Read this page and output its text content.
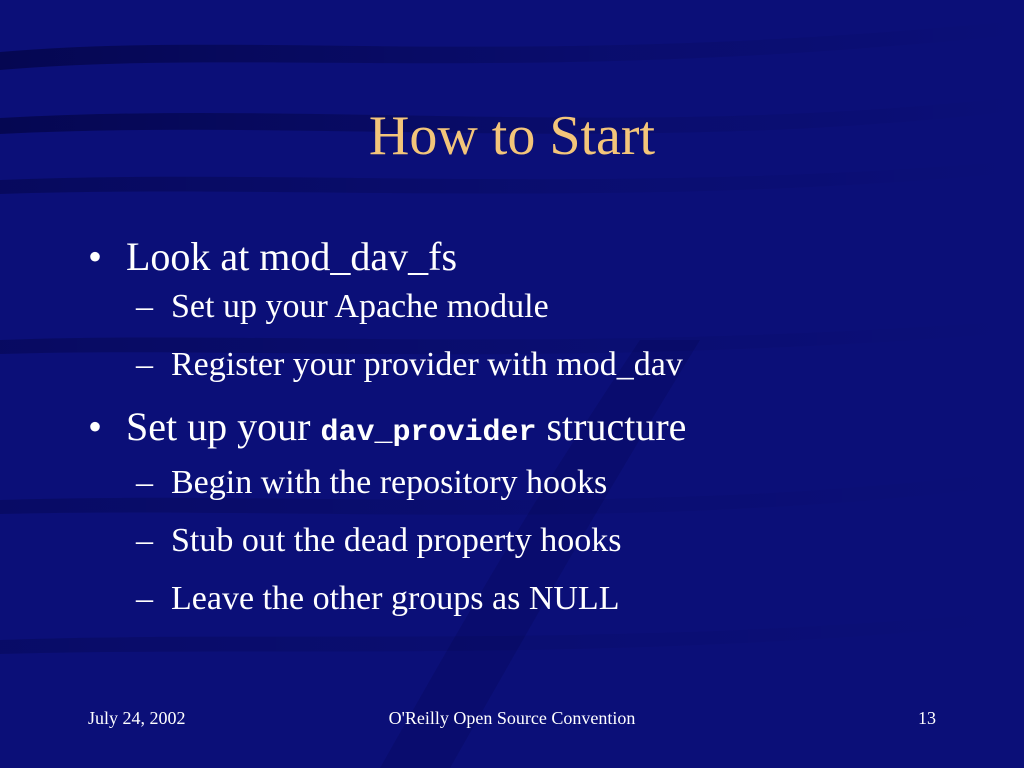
How to Start
• Look at mod_dav_fs
– Set up your Apache module
– Register your provider with mod_dav
• Set up your dav_provider structure
– Begin with the repository hooks
– Stub out the dead property hooks
– Leave the other groups as NULL
July 24, 2002	O'Reilly Open Source Convention	13
